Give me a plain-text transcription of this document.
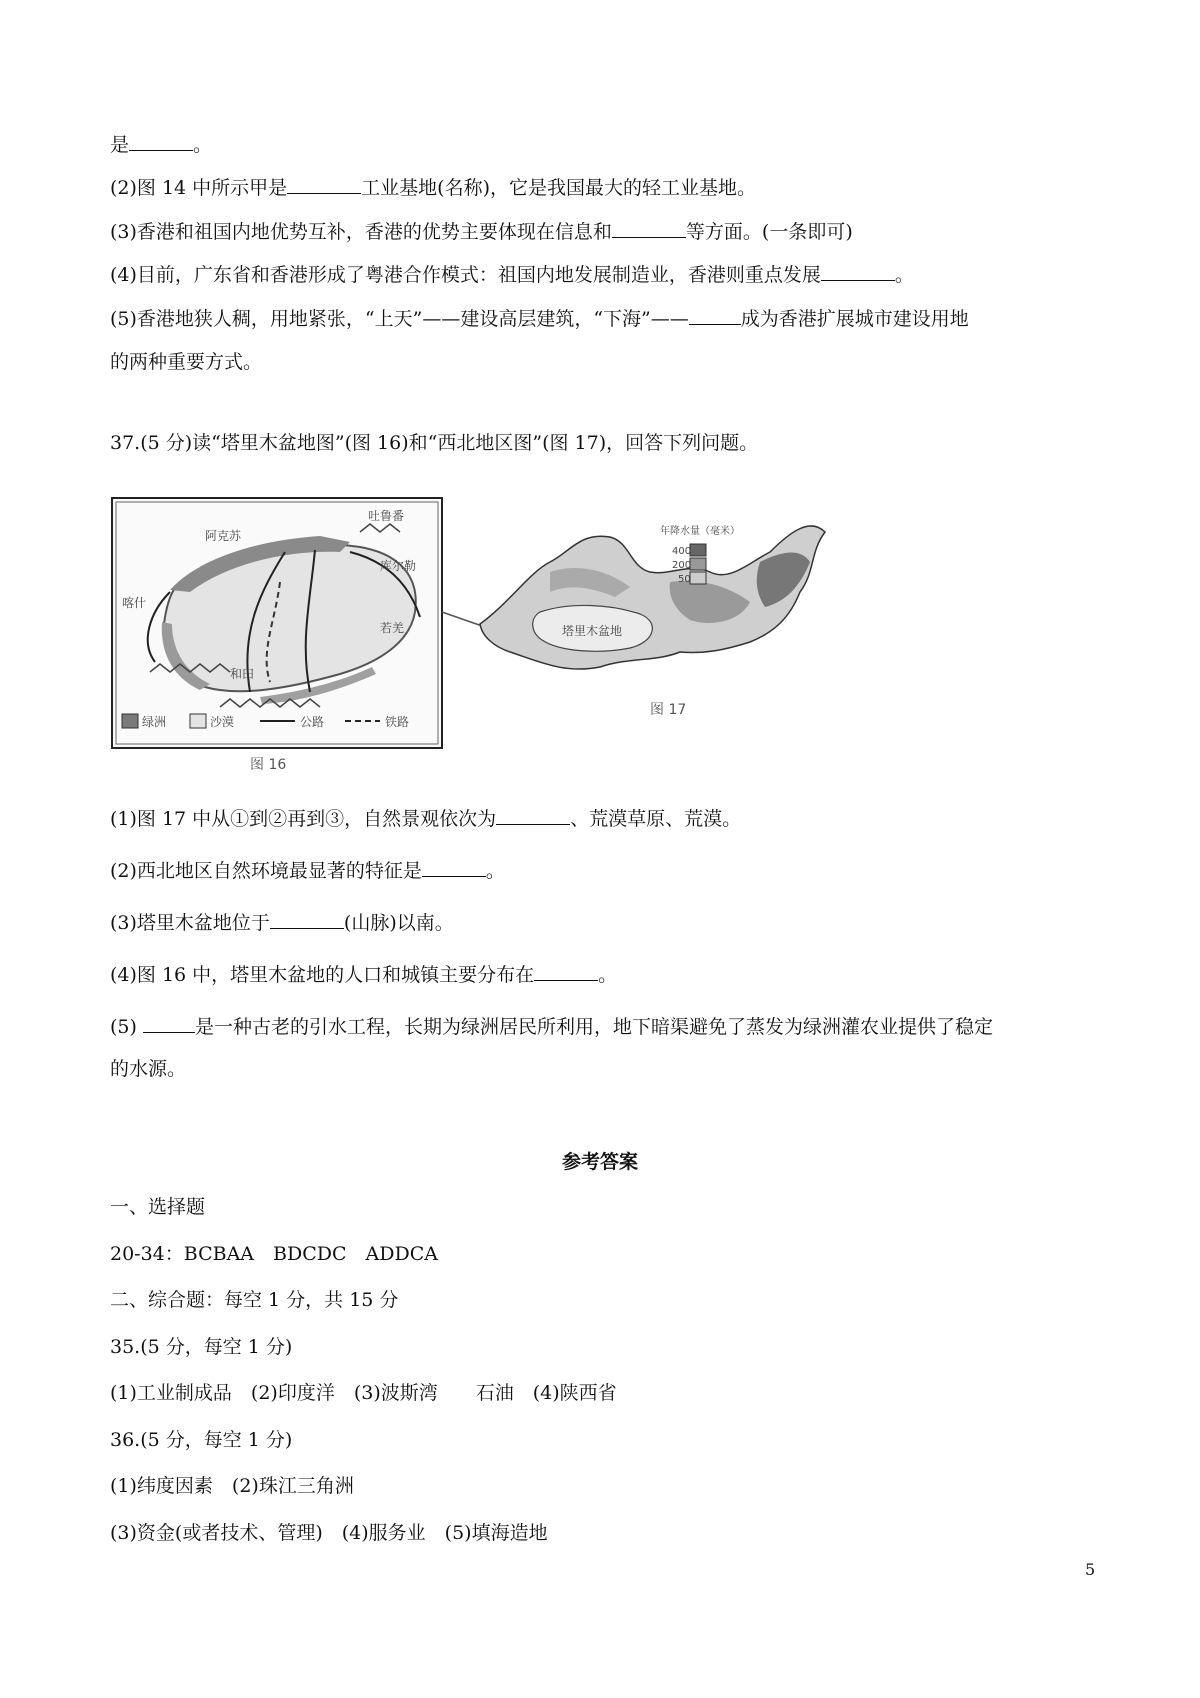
是	。
(2)图 14 中所示甲是	工业基地(名称)，它是我国最大的轻工业基地。
(3)香港和祖国内地优势互补，香港的优势主要体现在信息和	等方面。(一条即可)
(4)目前，广东省和香港形成了粤港合作模式：祖国内地发展制造业，香港则重点发展	。
(5)香港地狭人稠，用地紧张，“上天”——建设高层建筑，“下海”——	成为香港扩展城市建设用地
的两种重要方式。
37.(5 分)读“塔里木盆地图”(图 16)和“西北地区图”(图 17)，回答下列问题。
阿克苏
喀什
库尔勒
若羌
和田
吐鲁番
绿洲	沙漠	公路	铁路
图 16
塔里木盆地
年降水量（毫米）
400
200
50
图 17
(1)图 17 中从①到②再到③，自然景观依次为	、荒漠草原、荒漠。
(2)西北地区自然环境最显著的特征是	。
(3)塔里木盆地位于	(山脉)以南。
(4)图 16 中，塔里木盆地的人口和城镇主要分布在	。
(5)	是一种古老的引水工程，长期为绿洲居民所利用，地下暗渠避免了蒸发为绿洲灌农业提供了稳定
的水源。
参考答案
一、选择题
20-34：BCBAA　BDCDC　ADDCA
二、综合题：每空 1 分，共 15 分
35.(5 分，每空 1 分)
(1)工业制成品　(2)印度洋　(3)波斯湾　　石油　(4)陕西省
36.(5 分，每空 1 分)
(1)纬度因素　(2)珠江三角洲
(3)资金(或者技术、管理)　(4)服务业　(5)填海造地
5
